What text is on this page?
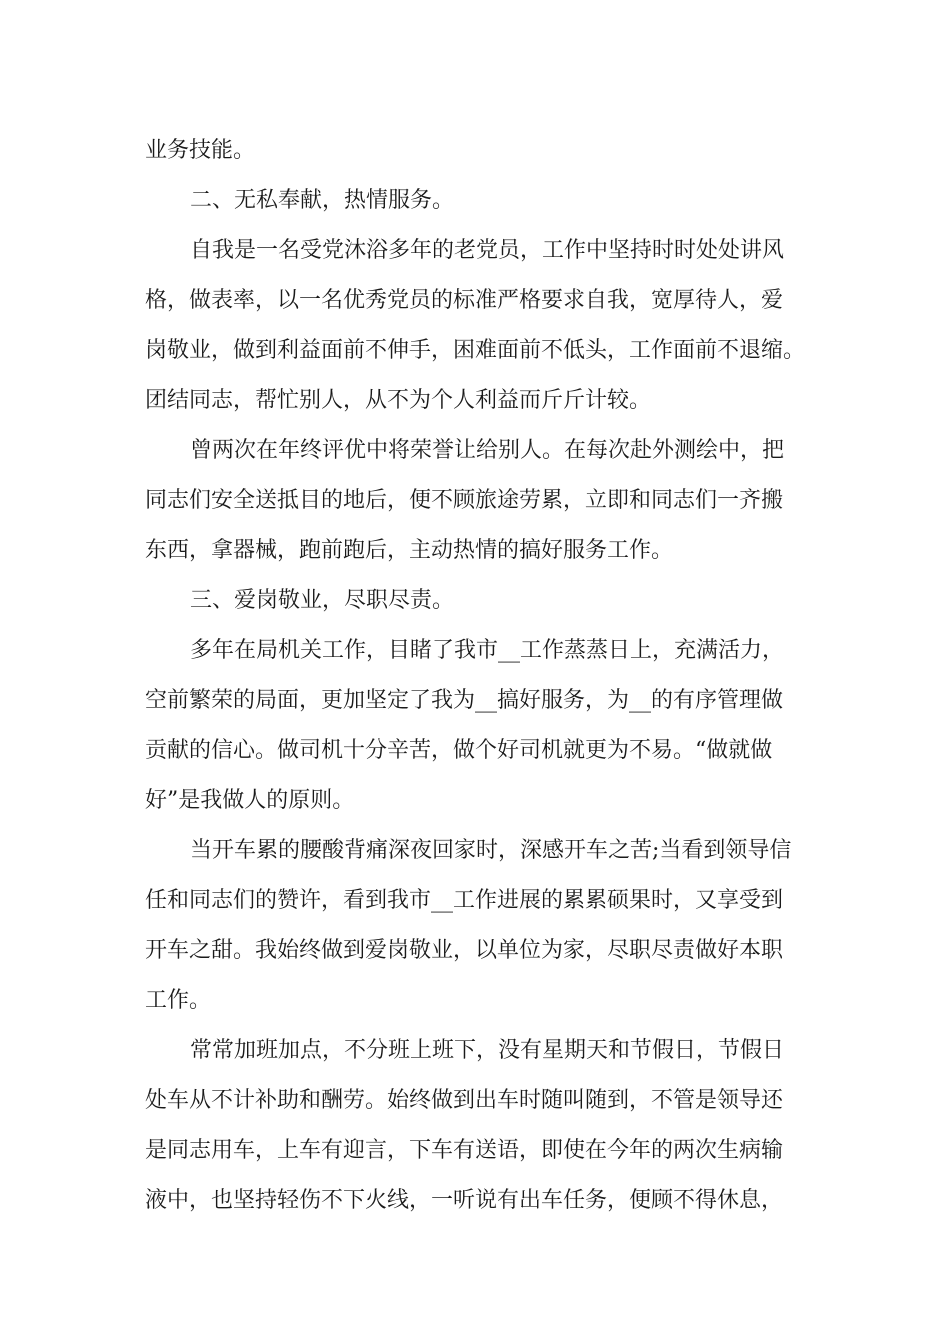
业务技能。
二、无私奉献，热情服务。
自我是一名受党沐浴多年的老党员，工作中坚持时时处处讲风
格，做表率，以一名优秀党员的标准严格要求自我，宽厚待人，爱
岗敬业，做到利益面前不伸手，困难面前不低头，工作面前不退缩。
团结同志，帮忙别人，从不为个人利益而斤斤计较。
曾两次在年终评优中将荣誉让给别人。在每次赴外测绘中，把
同志们安全送抵目的地后，便不顾旅途劳累，立即和同志们一齐搬
东西，拿器械，跑前跑后，主动热情的搞好服务工作。
三、爱岗敬业，尽职尽责。
多年在局机关工作，目睹了我市__工作蒸蒸日上，充满活力，
空前繁荣的局面，更加坚定了我为__搞好服务，为__的有序管理做
贡献的信心。做司机十分辛苦，做个好司机就更为不易。“做就做
好”是我做人的原则。
当开车累的腰酸背痛深夜回家时，深感开车之苦;当看到领导信
任和同志们的赞许，看到我市__工作进展的累累硕果时，又享受到
开车之甜。我始终做到爱岗敬业，以单位为家，尽职尽责做好本职
工作。
常常加班加点，不分班上班下，没有星期天和节假日，节假日
处车从不计补助和酬劳。始终做到出车时随叫随到，不管是领导还
是同志用车，上车有迎言，下车有送语，即使在今年的两次生病输
液中，也坚持轻伤不下火线，一听说有出车任务，便顾不得休息，
